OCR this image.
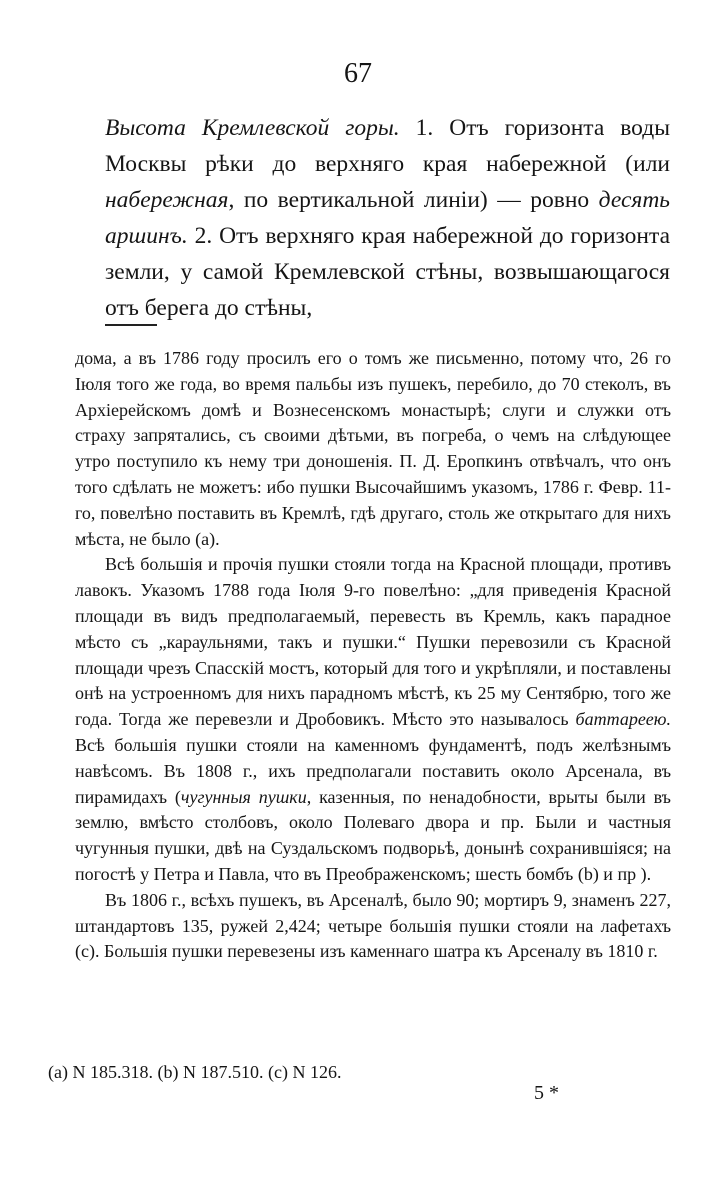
67
Высота Кремлевской горы. 1. Отъ горизонта воды Москвы рѣки до верхняго края набережной (или набережная, по вертикальной линіи) — ровно десять аршинъ. 2. Отъ верхняго края набережной до горизонта земли, у самой Кремлевской стѣны, возвышающагося отъ берега до стѣны,

дома, а въ 1786 году просилъ его о томъ же письменно, потому что, 26 го Іюля того же года, во время пальбы изъ пушекъ, перебило, до 70 стеколъ, въ Архіерейскомъ домѣ и Вознесенскомъ монастырѣ; слуги и служки отъ страху запрятались, съ своими дѣтьми, въ погреба, о чемъ на слѣдующее утро поступило къ нему три доношенія. П. Д. Еропкинъ отвѣчалъ, что онъ того сдѣлать не можетъ: ибо пушки Высочайшимъ указомъ, 1786 г. Февр. 11-го, повелѣно поставить въ Кремлѣ, гдѣ другаго, столь же открытаго для нихъ мѣста, не было (а).

Всѣ большія и прочія пушки стояли тогда на Красной площади, противъ лавокъ. Указомъ 1788 года Іюля 9-го повелѣно: „для приведенія Красной площади въ видъ предполагаемый, перевесть въ Кремль, какъ парадное мѣсто съ „караульнями, такъ и пушки.“ Пушки перевозили съ Красной площади чрезъ Спасскій мостъ, который для того и укрѣпляли, и поставлены онѣ на устроенномъ для нихъ парадномъ мѣстѣ, къ 25 му Сентябрю, того же года. Тогда же перевезли и Дробовикъ. Мѣсто это называлось баттареею. Всѣ большія пушки стояли на каменномъ фундаментѣ, подъ желѣзнымъ навѣсомъ. Въ 1808 г., ихъ предполагали поставить около Арсенала, въ пирамидахъ (чугунныя пушки, казенныя, по ненадобности, врыты были въ землю, вмѣсто столбовъ, около Полеваго двора и пр. Были и частныя чугунныя пушки, двѣ на Суздальскомъ подворьѣ, донынѣ сохранившіяся; на погостѣ у Петра и Павла, что въ Преображенскомъ; шесть бомбъ (b) и пр ).

Въ 1806 г., всѣхъ пушекъ, въ Арсеналѣ, было 90; мортиръ 9, знаменъ 227, штандартовъ 135, ружей 2,424; четыре большія пушки стояли на лафетахъ (c). Большія пушки перевезены изъ каменнаго шатра къ Арсеналу въ 1810 г.

(a) N 185.318. (b) N 187.510. (c) N 126.
5 *
